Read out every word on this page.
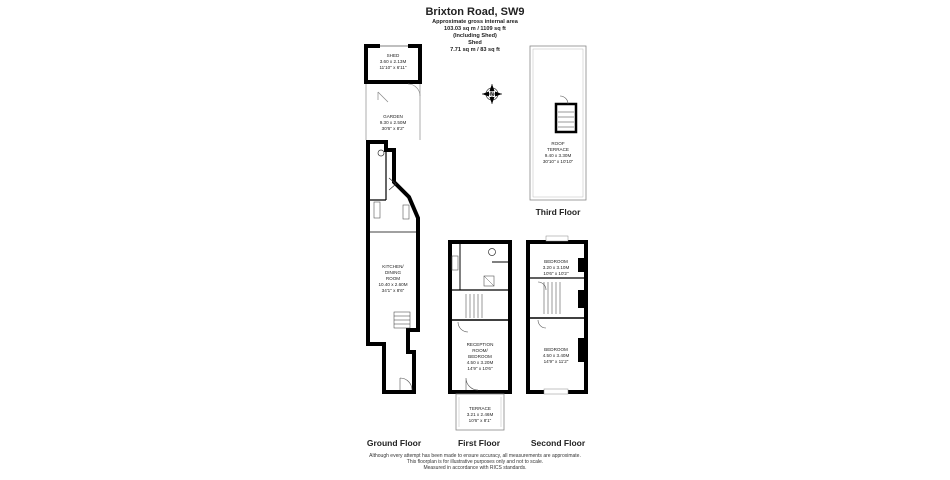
Brixton Road, SW9
Approximate gross internal area
103.03 sq m / 1109 sq ft
(Including Shed)
Shed
7.71 sq m / 83 sq ft
SHED
3.60 x 2.13M
11'10" x 6'11"
GARDEN
9.30 x 2.50M
30'6" x 8'2"
KITCHEN/
DINING
ROOM
10.40 x 2.60M
34'1" x 8'6"
RECEPTION
ROOM/
BEDROOM
4.50 x 3.20M
14'9" x 10'6"
TERRACE
3.21 x 2.46M
10'6" x 8'1"
BEDROOM
3.20 x 3.10M
10'6" x 10'2"
BEDROOM
4.50 x 3.40M
14'9" x 11'2"
ROOF
TERRACE
9.40 x 3.30M
30'10" x 10'10"
N
Ground Floor	First Floor	Second Floor
Third Floor
Although every attempt has been made to ensure accuracy, all measurements are approximate.
This floorplan is for illustrative purposes only and not to scale.
Measured in accordance with RICS standards.
